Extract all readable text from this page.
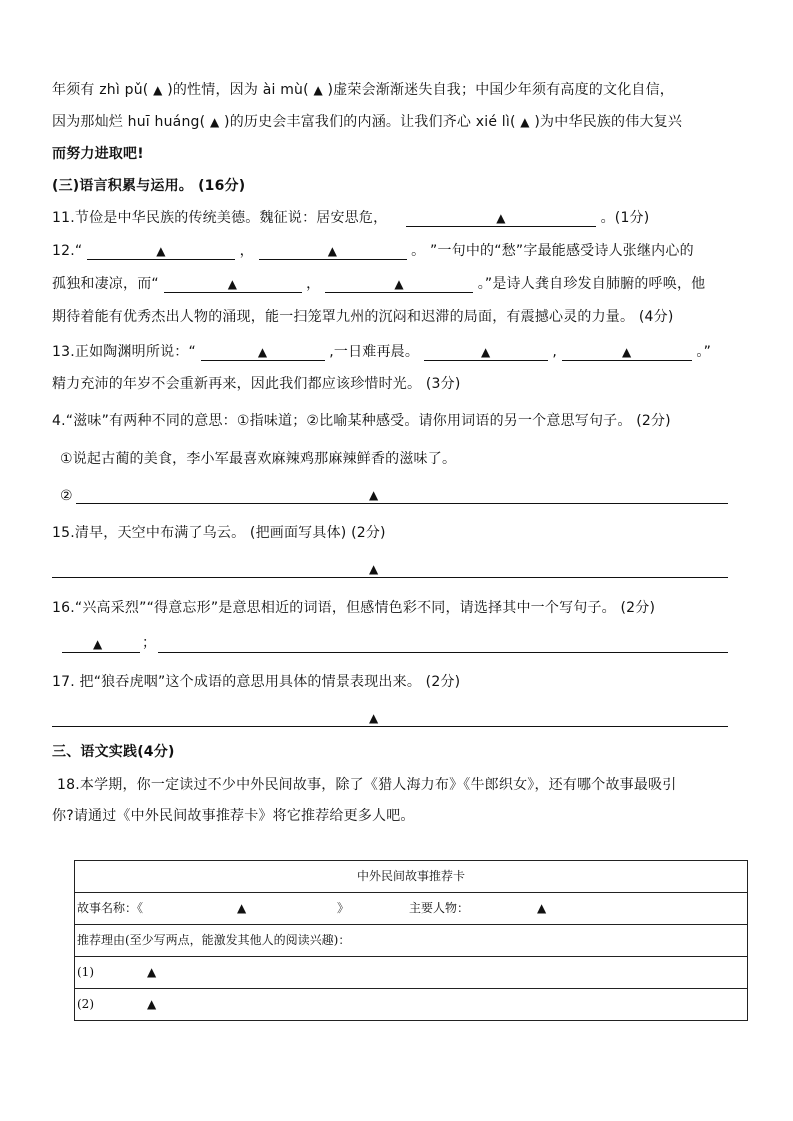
年须有 zhì pǔ( ▲ )的性情，因为 ài mù( ▲ )虚荣会渐渐迷失自我；中国少年须有高度的文化自信，
因为那灿烂 huī huáng( ▲ )的历史会丰富我们的内涵。让我们齐心 xié lì( ▲ )为中华民族的伟大复兴
而努力进取吧!
(三)语言积累与运用。 (16分)
11.节俭是中华民族的传统美德。魏征说：居安思危，	▲	。(1分)
12.“	▲	，	▲	。 ”一句中的“愁”字最能感受诗人张继内心的
孤独和凄凉，而“	▲	，	▲	。”是诗人龚自珍发自肺腑的呼唤，他
期待着能有优秀杰出人物的涌现，能一扫笼罩九州的沉闷和迟滞的局面，有震撼心灵的力量。 (4分)
13.正如陶渊明所说：“	▲	,一日难再晨。	▲	,	▲	。”
精力充沛的年岁不会重新再来，因此我们都应该珍惜时光。 (3分)
4.“滋味”有两种不同的意思：①指味道；②比喻某种感受。请你用词语的另一个意思写句子。 (2分)
①说起古蔺的美食，李小军最喜欢麻辣鸡那麻辣鲜香的滋味了。
②	▲
15.清早，天空中布满了乌云。 (把画面写具体) (2分)
▲
16.“兴高采烈”“得意忘形”是意思相近的词语，但感情色彩不同，请选择其中一个写句子。 (2分)
▲	；
17. 把“狼吞虎咽”这个成语的意思用具体的情景表现出来。 (2分)
▲
三、语文实践(4分)
18.本学期，你一定读过不少中外民间故事，除了《猎人海力布》《牛郎织女》，还有哪个故事最吸引
你?请通过《中外民间故事推荐卡》将它推荐给更多人吧。
中外民间故事推荐卡
故事名称：《	▲	》	主要人物：	▲
推荐理由(至少写两点，能激发其他人的阅读兴趣)：
(1)	▲
(2)	▲
